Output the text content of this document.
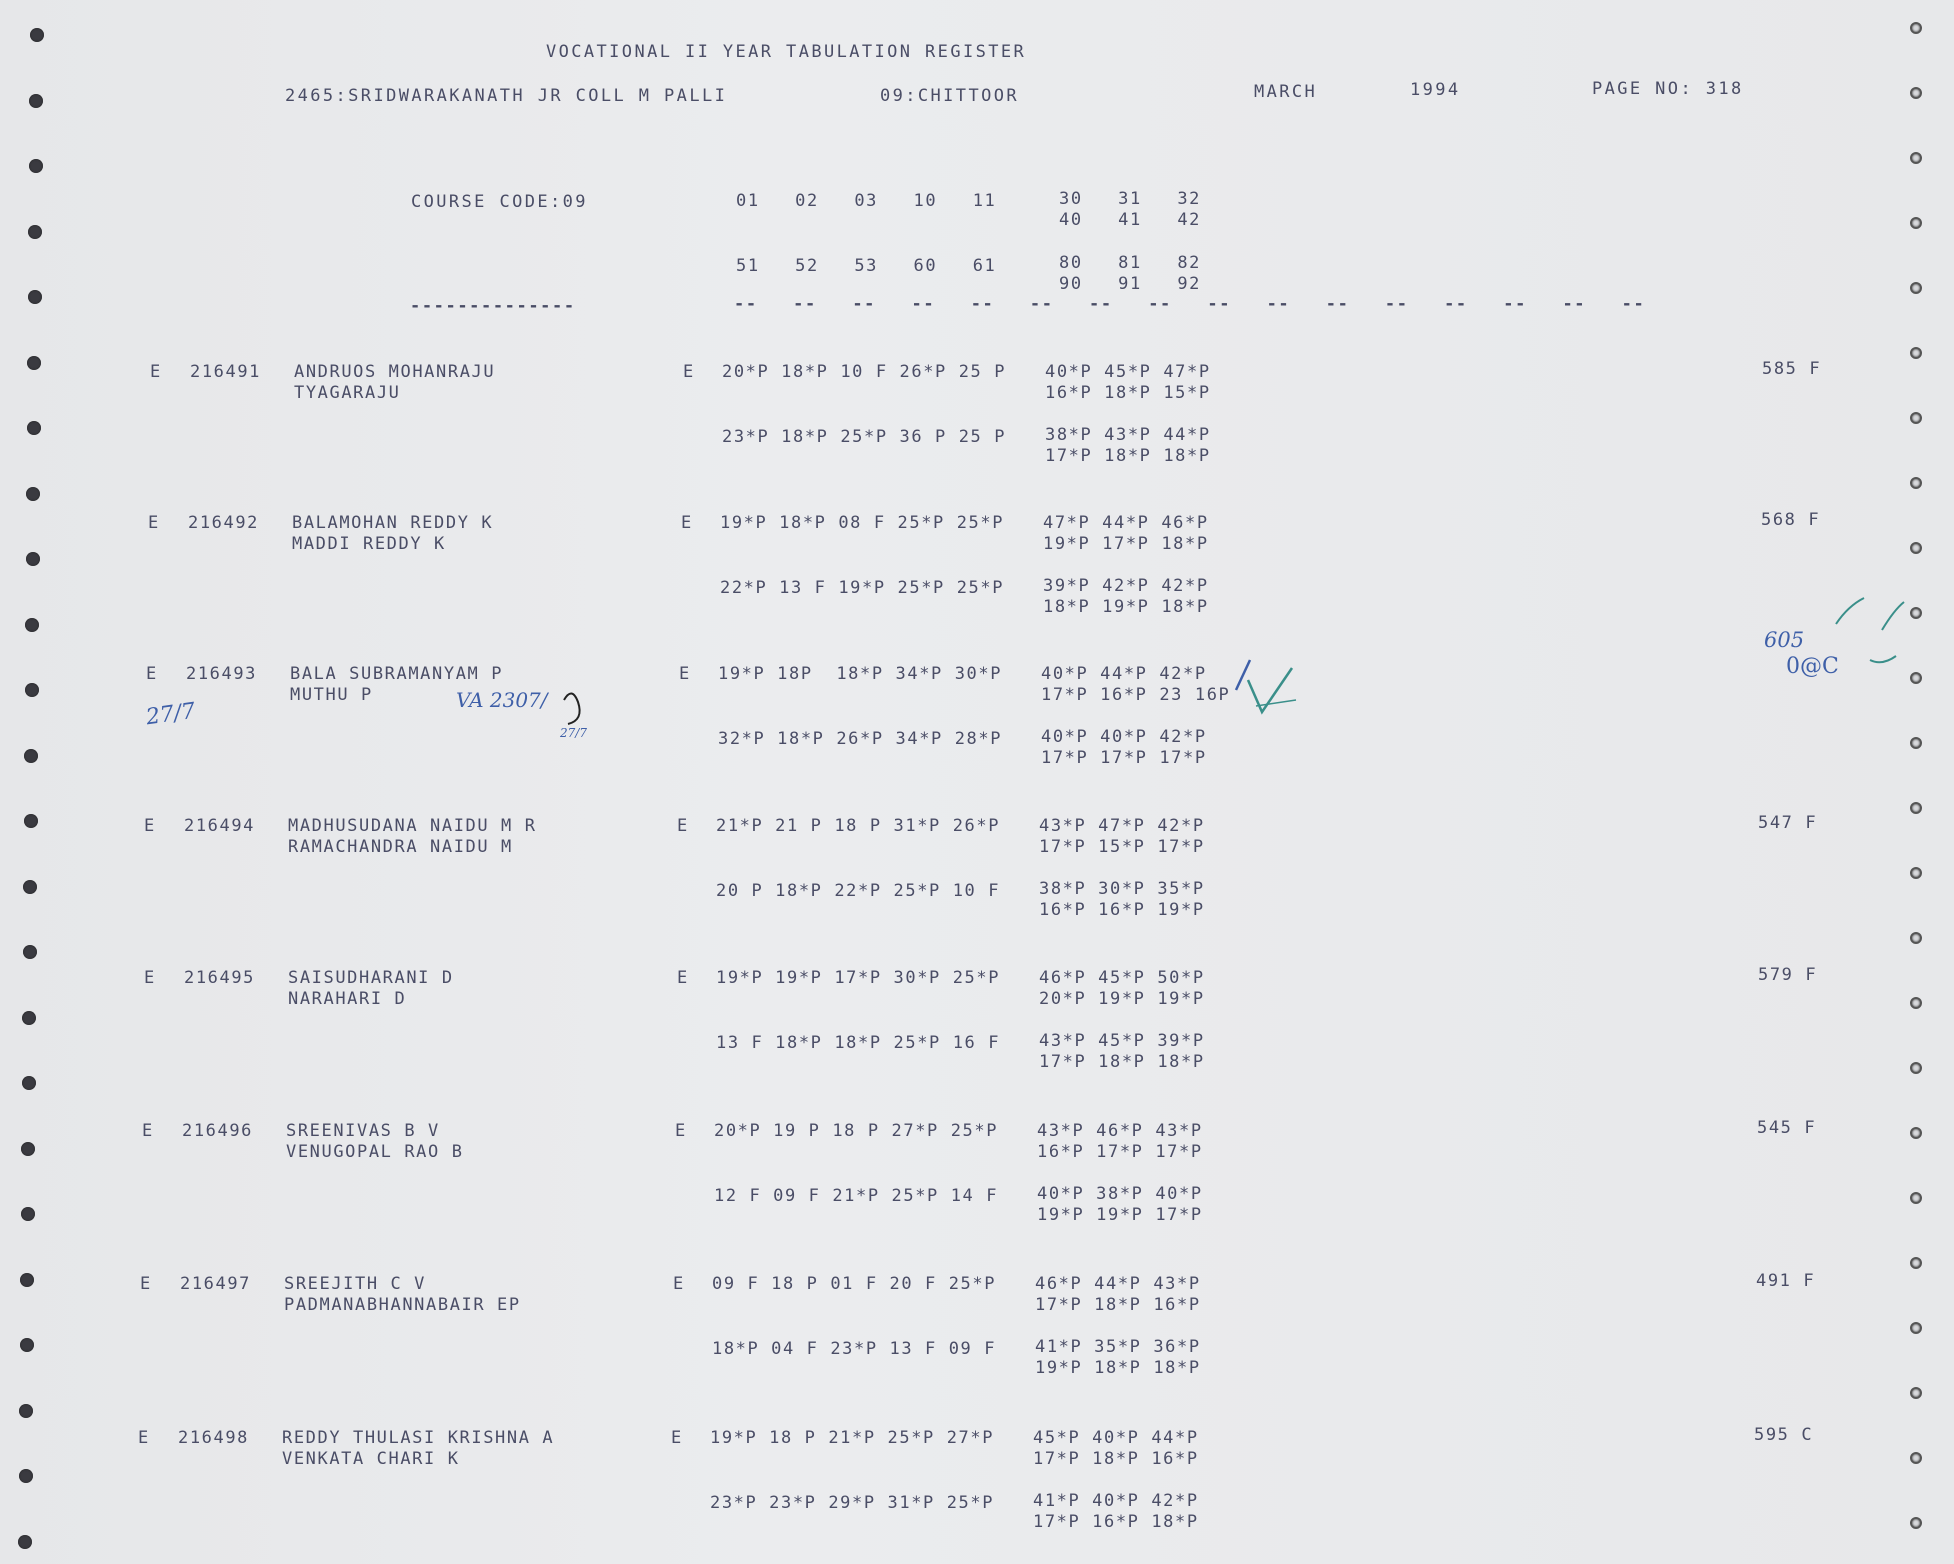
VOCATIONAL II YEAR TABULATION REGISTER
2465:SRIDWARAKANATH JR COLL M PALLI	09:CHITTOOR	MARCH	1994	PAGE NO: 318
COURSE CODE:09	01   02   03   10   11	30   31   32
40   41   42
51   52   53   60   61	80   81   82
90   91   92
--------------	--   --   --   --   --   --   --   --   --   --   --   --   --   --   --   --
E 216491 ANDRUOS MOHANRAJU
TYAGARAJU
E 20*P 18*P 10 F 26*P 25 P 40*P 45*P 47*P
16*P 18*P 15*P
23*P 18*P 25*P 36 P 25 P 38*P 43*P 44*P
17*P 18*P 18*P
585 F
E 216492 BALAMOHAN REDDY K
MADDI REDDY K
E 19*P 18*P 08 F 25*P 25*P 47*P 44*P 46*P
19*P 17*P 18*P
22*P 13 F 19*P 25*P 25*P 39*P 42*P 42*P
18*P 19*P 18*P
568 F
E 216493 BALA SUBRAMANYAM P
MUTHU P
E 19*P 18P  18*P 34*P 30*P 40*P 44*P 42*P
17*P 16*P 23 16P
32*P 18*P 26*P 34*P 28*P 40*P 40*P 42*P
17*P 17*P 17*P
E 216494 MADHUSUDANA NAIDU M R
RAMACHANDRA NAIDU M
E 21*P 21 P 18 P 31*P 26*P 43*P 47*P 42*P
17*P 15*P 17*P
20 P 18*P 22*P 25*P 10 F 38*P 30*P 35*P
16*P 16*P 19*P
547 F
E 216495 SAISUDHARANI D
NARAHARI D
E 19*P 19*P 17*P 30*P 25*P 46*P 45*P 50*P
20*P 19*P 19*P
13 F 18*P 18*P 25*P 16 F 43*P 45*P 39*P
17*P 18*P 18*P
579 F
E 216496 SREENIVAS B V
VENUGOPAL RAO B
E 20*P 19 P 18 P 27*P 25*P 43*P 46*P 43*P
16*P 17*P 17*P
12 F 09 F 21*P 25*P 14 F 40*P 38*P 40*P
19*P 19*P 17*P
545 F
E 216497 SREEJITH C V
PADMANABHANNABAIR EP
E 09 F 18 P 01 F 20 F 25*P 46*P 44*P 43*P
17*P 18*P 16*P
18*P 04 F 23*P 13 F 09 F 41*P 35*P 36*P
19*P 18*P 18*P
491 F
E 216498 REDDY THULASI KRISHNA A
VENKATA CHARI K
E 19*P 18 P 21*P 25*P 27*P 45*P 40*P 44*P
17*P 18*P 16*P
23*P 23*P 29*P 31*P 25*P 41*P 40*P 42*P
17*P 16*P 18*P
595 C
27/7	VA 2307/
27/7
605
0@C
